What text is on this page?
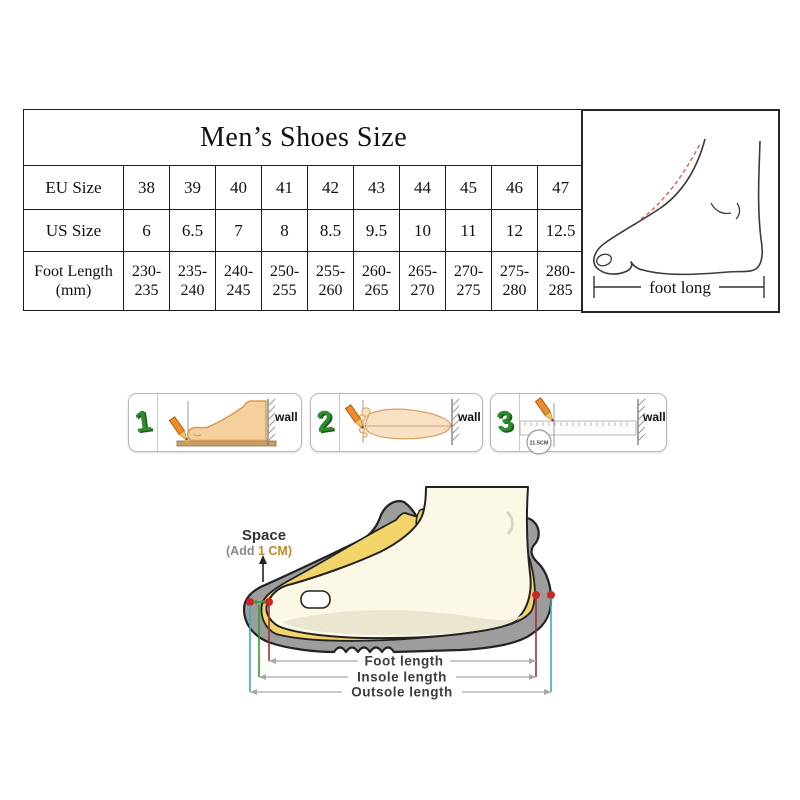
Men’s Shoes Size										
EU Size	38	39	40	41	42	43	44	45	46	47
US Size	6	6.5	7	8	8.5	9.5	10	11	12	12.5
Foot Length (mm)	230-235	235-240	240-245	250-255	255-260	260-265	265-270	270-275	275-280	280-285	foot long
1	wall 2	wall 3
11.5CM
wall
Foot length
Insole length
Outsole length
Space
(Add 1 CM)
